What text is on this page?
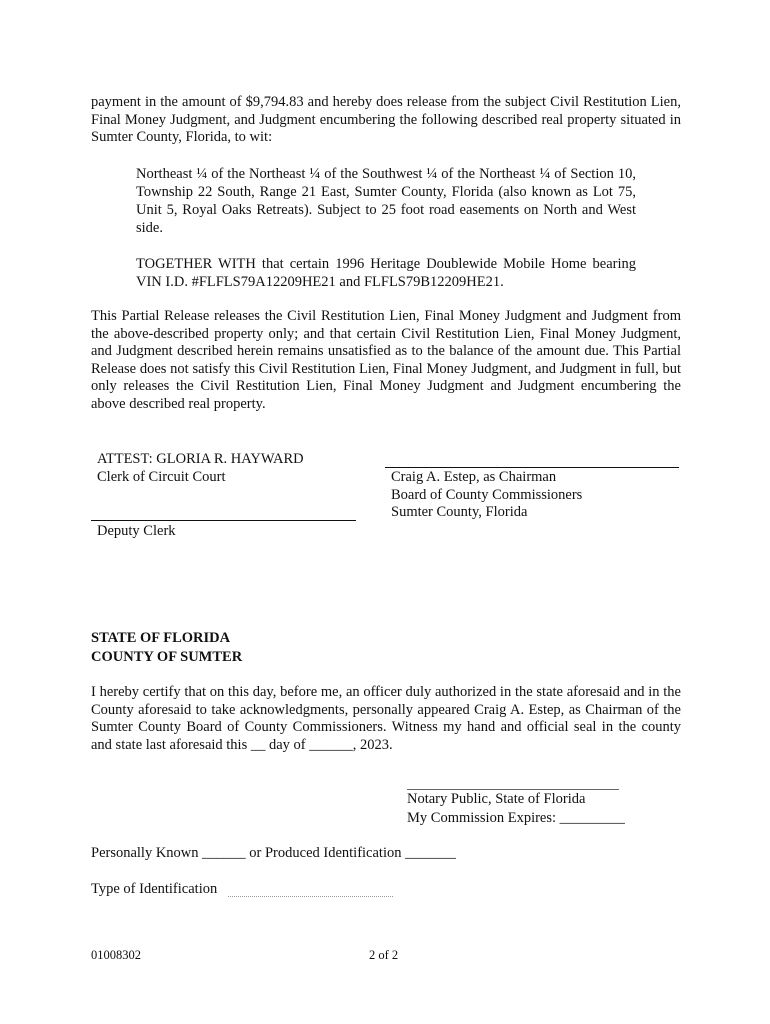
payment in the amount of $9,794.83 and hereby does release from the subject Civil Restitution Lien, Final Money Judgment, and Judgment encumbering the following described real property situated in Sumter County, Florida, to wit:

Northeast ¼ of the Northeast ¼ of the Southwest ¼ of the Northeast ¼ of Section 10, Township 22 South, Range 21 East, Sumter County, Florida (also known as Lot 75, Unit 5, Royal Oaks Retreats). Subject to 25 foot road easements on North and West side.

TOGETHER WITH that certain 1996 Heritage Doublewide Mobile Home bearing VIN I.D. #FLFLS79A12209HE21 and FLFLS79B12209HE21.

This Partial Release releases the Civil Restitution Lien, Final Money Judgment and Judgment from the above-described property only; and that certain Civil Restitution Lien, Final Money Judgment, and Judgment described herein remains unsatisfied as to the balance of the amount due. This Partial Release does not satisfy this Civil Restitution Lien, Final Money Judgment, and Judgment in full, but only releases the Civil Restitution Lien, Final Money Judgment and Judgment encumbering the above described real property.

ATTEST: GLORIA R. HAYWARD
Clerk of Circuit Court
Deputy Clerk
Craig A. Estep, as Chairman
Board of County Commissioners
Sumter County, Florida
STATE OF FLORIDA
COUNTY OF SUMTER

I hereby certify that on this day, before me, an officer duly authorized in the state aforesaid and in the County aforesaid to take acknowledgments, personally appeared Craig A. Estep, as Chairman of the Sumter County Board of County Commissioners. Witness my hand and official seal in the county and state last aforesaid this __ day of ______, 2023.

Notary Public, State of Florida
My Commission Expires: _________
Personally Known ______ or Produced Identification _______
Type of Identification
01008302	2 of 2
